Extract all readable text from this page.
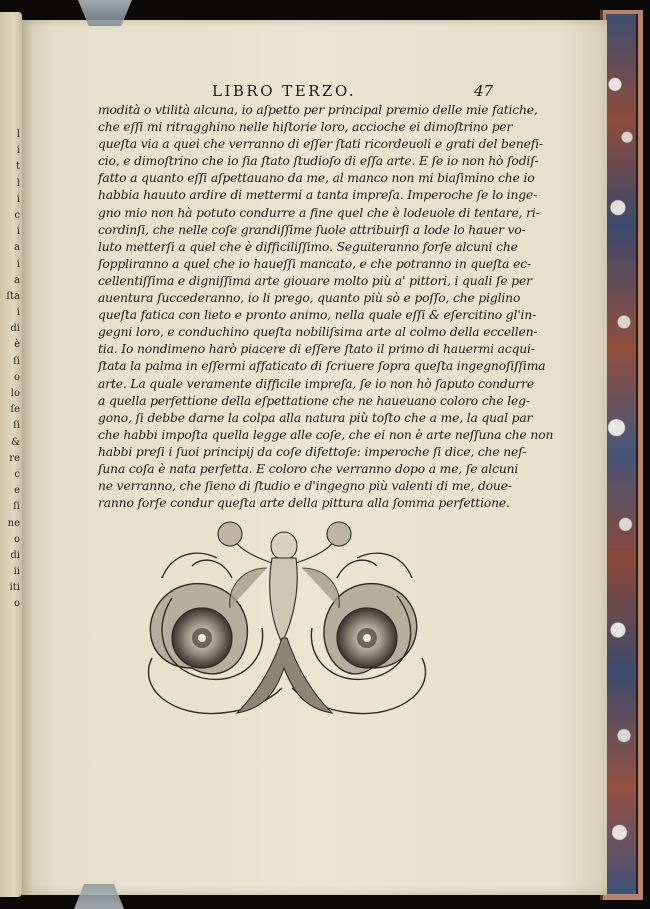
l
i
t
l
i
c
i
a
i
a
ſta
i
di
è
ſi
o
lo
ſe
ſi
&
re
c
e
ſi
ne
o
di
ii
iti
o
LIBRO TERZO.	47
modità o vtilità alcuna, io aſpetto per principal premio delle mie fatiche,
che eſſi mi ritragghino nelle hiſtorie loro, accioche ei dimoſtrino per
queſta via a quei che verranno di eſſer ſtati ricordeuoli e grati del benefi-
cio, e dimoſtrino che io ſia ſtato ſtudioſo di eſſa arte. E ſe io non hò ſodiſ-
fatto a quanto eſſi aſpettauano da me, al manco non mi biaſimino che io
habbia hauuto ardire di mettermi a tanta impreſa. Imperoche ſe lo inge-
gno mio non hà potuto condurre a fine quel che è lodeuole di tentare, ri-
cordinſi, che nelle coſe grandiſſime ſuole attribuirſi a lode lo hauer vo-
luto metterſi a quel che è difficiliſſimo. Seguiteranno forſe alcuni che
ſoppliranno a quel che io haueſſi mancato, e che potranno in queſta ec-
cellentiſſima e digniſſima arte giouare molto più a' pittori, i quali ſe per
auentura ſuccederanno, io li prego, quanto più sò e poſſo, che piglino
queſta fatica con lieto e pronto animo, nella quale eſſi & eſercitino gl'in-
gegni loro, e conduchino queſta nobiliſsima arte al colmo della eccellen-
tia. Io nondimeno harò piacere di eſſere ſtato il primo di hauermi acqui-
ſtata la palma in eſſermi affaticato di ſcriuere ſopra queſta ingegnoſiſſima
arte. La quale veramente difficile impreſa, ſe io non hò ſaputo condurre
a quella perfettione della eſpettatione che ne haueuano coloro che leg-
gono, ſi debbe darne la colpa alla natura più toſto che a me, la qual par
che habbi impoſta quella legge alle coſe, che ei non è arte neſſuna che non
habbi preſi i ſuoi principij da coſe difettoſe: imperoche ſi dice, che neſ-
ſuna coſa è nata perfetta. E coloro che verranno dopo a me, ſe alcuni
ne verranno, che ſieno di ſtudio e d'ingegno più valenti di me, doue-
ranno forſe condur queſta arte della pittura alla ſomma perfettione.
